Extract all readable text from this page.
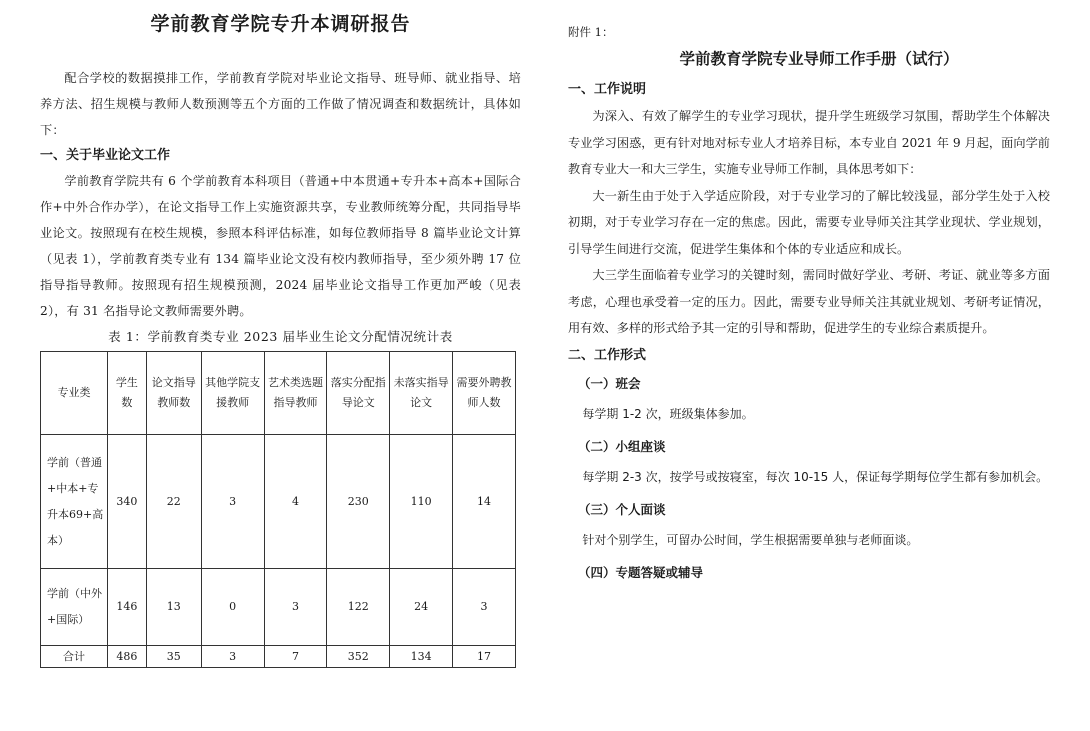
学前教育学院专升本调研报告

配合学校的数据摸排工作，学前教育学院对毕业论文指导、班导师、就业指导、培养方法、招生规模与教师人数预测等五个方面的工作做了情况调查和数据统计，具体如下：

一、关于毕业论文工作

学前教育学院共有 6 个学前教育本科项目（普通+中本贯通+专升本+高本+国际合作+中外合作办学），在论文指导工作上实施资源共享，专业教师统筹分配，共同指导毕业论文。按照现有在校生规模，参照本科评估标准，如每位教师指导 8 篇毕业论文计算（见表 1），学前教育类专业有 134 篇毕业论文没有校内教师指导，至少须外聘 17 位指导指导教师。按照现有招生规模预测，2024 届毕业论文指导工作更加严峻（见表 2），有 31 名指导论文教师需要外聘。

表 1：学前教育类专业 2023 届毕业生论文分配情况统计表
专业类	学生数	论文指导教师数	其他学院支援教师	艺术类选题指导教师	落实分配指导论文	未落实指导论文	需要外聘教师人数
学前（普通+中本+专升本69+高本）	340	22	3	4	230	110	14
学前（中外+国际）	146	13	0	3	122	24	3
合计	486	35	3	7	352	134	17
附件 1：
学前教育学院专业导师工作手册（试行）
一、工作说明

为深入、有效了解学生的专业学习现状，提升学生班级学习氛围，帮助学生个体解决专业学习困惑，更有针对地对标专业人才培养目标，本专业自 2021 年 9 月起，面向学前教育专业大一和大三学生，实施专业导师工作制，具体思考如下：

大一新生由于处于入学适应阶段，对于专业学习的了解比较浅显，部分学生处于入校初期，对于专业学习存在一定的焦虑。因此，需要专业导师关注其学业现状、学业规划，引导学生间进行交流，促进学生集体和个体的专业适应和成长。

大三学生面临着专业学习的关键时刻，需同时做好学业、考研、考证、就业等多方面考虑，心理也承受着一定的压力。因此，需要专业导师关注其就业规划、考研考证情况，用有效、多样的形式给予其一定的引导和帮助，促进学生的专业综合素质提升。

二、工作形式
（一）班会

每学期 1-2 次，班级集体参加。

（二）小组座谈

每学期 2-3 次，按学号或按寝室，每次 10-15 人，保证每学期每位学生都有参加机会。

（三）个人面谈

针对个别学生，可留办公时间，学生根据需要单独与老师面谈。

（四）专题答疑或辅导
